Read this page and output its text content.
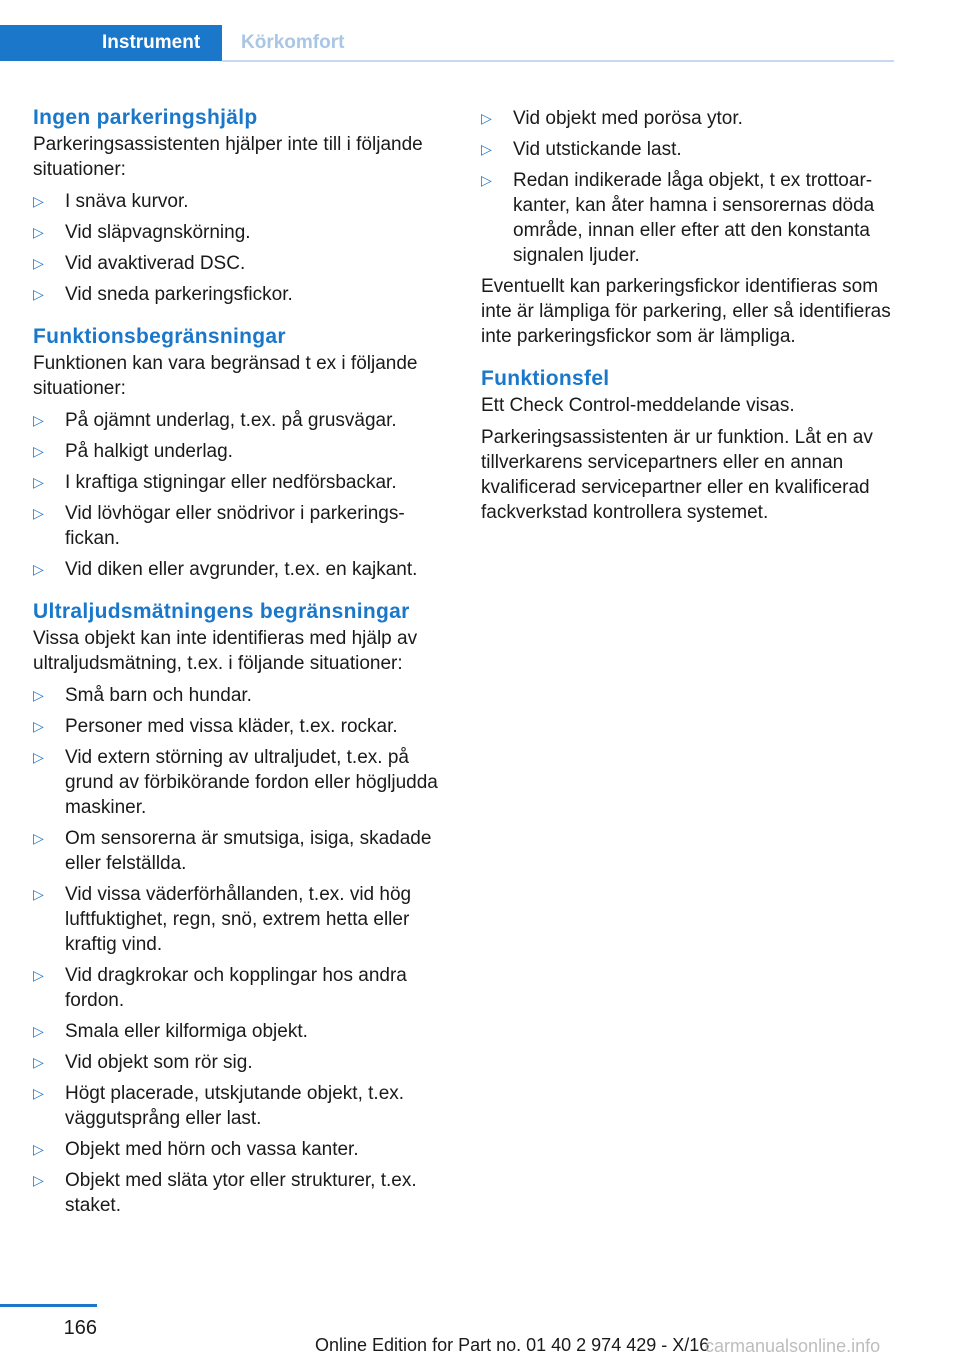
Instrument	Körkomfort
Ingen parkeringshjälp

Parkeringsassistenten hjälper inte till i följande situationer:

▷ I snäva kurvor.
▷ Vid släpvagnskörning.
▷ Vid avaktiverad DSC.
▷ Vid sneda parkeringsfickor.
Funktionsbegränsningar

Funktionen kan vara begränsad t ex i följande situationer:

▷ På ojämnt underlag, t.ex. på grusvägar.
▷ På halkigt underlag.
▷ I kraftiga stigningar eller nedförsbackar.
▷ Vid lövhögar eller snödrivor i parkeringsfickan.
▷ Vid diken eller avgrunder, t.ex. en kajkant.
Ultraljudsmätningens begränsningar

Vissa objekt kan inte identifieras med hjälp av ultraljudsmätning, t.ex. i följande situationer:

▷ Små barn och hundar.
▷ Personer med vissa kläder, t.ex. rockar.
▷ Vid extern störning av ultraljudet, t.ex. på grund av förbikörande fordon eller högljudda maskiner.
▷ Om sensorerna är smutsiga, isiga, skadade eller felställda.
▷ Vid vissa väderförhållanden, t.ex. vid hög luftfuktighet, regn, snö, extrem hetta eller kraftig vind.
▷ Vid dragkrokar och kopplingar hos andra fordon.
▷ Smala eller kilformiga objekt.
▷ Vid objekt som rör sig.
▷ Högt placerade, utskjutande objekt, t.ex. väggutsprång eller last.
▷ Objekt med hörn och vassa kanter.
▷ Objekt med släta ytor eller strukturer, t.ex. staket.
▷ Vid objekt med porösa ytor.
▷ Vid utstickande last.
▷ Redan indikerade låga objekt, t ex trottoarkanter, kan åter hamna i sensorernas döda område, innan eller efter att den konstanta signalen ljuder.

Eventuellt kan parkeringsfickor identifieras som inte är lämpliga för parkering, eller så identifieras inte parkeringsfickor som är lämpliga.

Funktionsfel

Ett Check Control-meddelande visas.

Parkeringsassistenten är ur funktion. Låt en av tillverkarens servicepartners eller en annan kvalificerad servicepartner eller en kvalificerad fackverkstad kontrollera systemet.

166
Online Edition for Part no. 01 40 2 974 429 - X/16
carmanualsonline.info
